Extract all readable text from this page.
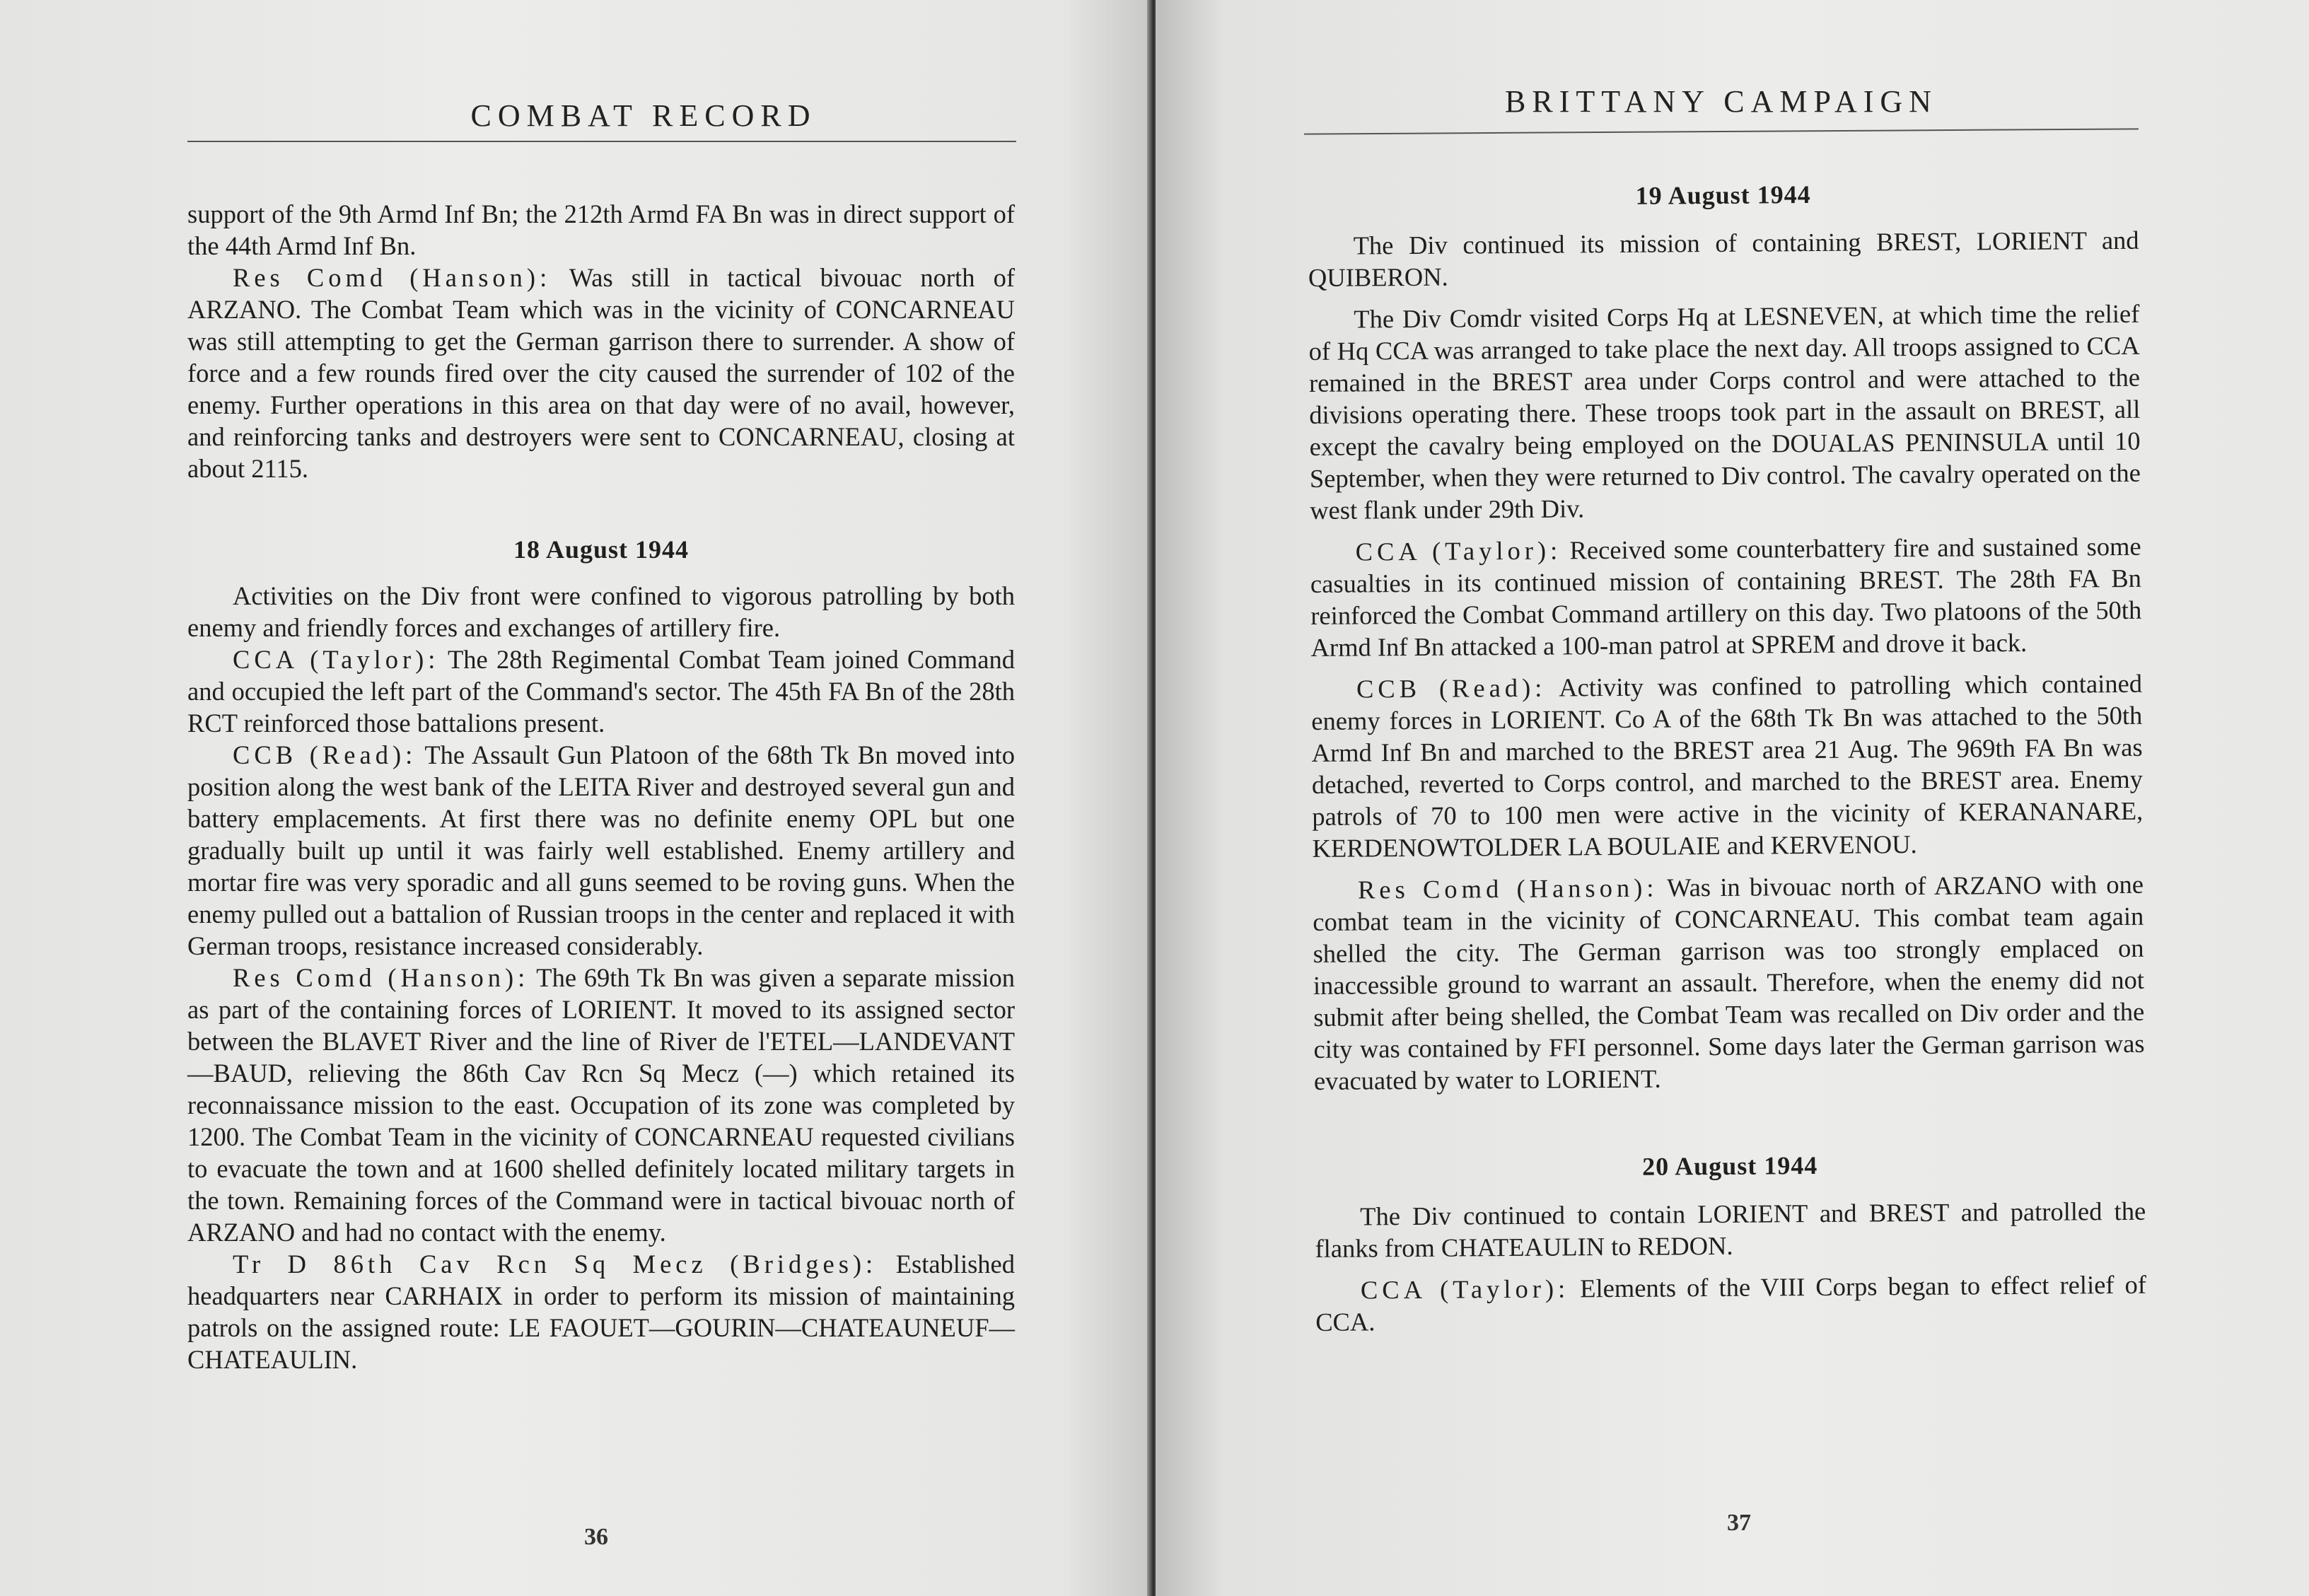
COMBAT RECORD

support of the 9th Armd Inf Bn; the 212th Armd FA Bn was in direct support of the 44th Armd Inf Bn.

Res Comd (Hanson): Was still in tactical bivouac north of ARZANO. The Combat Team which was in the vicinity of CONCARNEAU was still attempting to get the German garrison there to surrender. A show of force and a few rounds fired over the city caused the surrender of 102 of the enemy. Further operations in this area on that day were of no avail, however, and reinforcing tanks and destroyers were sent to CONCARNEAU, closing at about 2115.

18 August 1944

Activities on the Div front were confined to vigorous patrolling by both enemy and friendly forces and exchanges of artillery fire.

CCA (Taylor): The 28th Regimental Combat Team joined Command and occupied the left part of the Command's sector. The 45th FA Bn of the 28th RCT reinforced those battalions present.

CCB (Read): The Assault Gun Platoon of the 68th Tk Bn moved into position along the west bank of the LEITA River and destroyed several gun and battery emplacements. At first there was no definite enemy OPL but one gradually built up until it was fairly well established. Enemy artillery and mortar fire was very sporadic and all guns seemed to be roving guns. When the enemy pulled out a battalion of Russian troops in the center and replaced it with German troops, resistance increased considerably.

Res Comd (Hanson): The 69th Tk Bn was given a separate mission as part of the containing forces of LORIENT. It moved to its assigned sector between the BLAVET River and the line of River de l'ETEL—LANDEVANT—BAUD, relieving the 86th Cav Rcn Sq Mecz (—) which retained its reconnaissance mission to the east. Occupation of its zone was completed by 1200. The Combat Team in the vicinity of CONCARNEAU requested civilians to evacuate the town and at 1600 shelled definitely located military targets in the town. Remaining forces of the Command were in tactical bivouac north of ARZANO and had no contact with the enemy.

Tr D 86th Cav Rcn Sq Mecz (Bridges): Established headquarters near CARHAIX in order to perform its mission of maintaining patrols on the assigned route: LE FAOUET—GOURIN—CHATEAUNEUF—CHATEAULIN.

36
BRITTANY CAMPAIGN

19 August 1944

The Div continued its mission of containing BREST, LORIENT and QUIBERON.

The Div Comdr visited Corps Hq at LESNEVEN, at which time the relief of Hq CCA was arranged to take place the next day. All troops assigned to CCA remained in the BREST area under Corps control and were attached to the divisions operating there. These troops took part in the assault on BREST, all except the cavalry being employed on the DOUALAS PENINSULA until 10 September, when they were returned to Div control. The cavalry operated on the west flank under 29th Div.

CCA (Taylor): Received some counterbattery fire and sustained some casualties in its continued mission of containing BREST. The 28th FA Bn reinforced the Combat Command artillery on this day. Two platoons of the 50th Armd Inf Bn attacked a 100-man patrol at SPREM and drove it back.

CCB (Read): Activity was confined to patrolling which contained enemy forces in LORIENT. Co A of the 68th Tk Bn was attached to the 50th Armd Inf Bn and marched to the BREST area 21 Aug. The 969th FA Bn was detached, reverted to Corps control, and marched to the BREST area. Enemy patrols of 70 to 100 men were active in the vicinity of KERANANARE, KERDENOWTOLDER LA BOULAIE and KERVENOU.

Res Comd (Hanson): Was in bivouac north of ARZANO with one combat team in the vicinity of CONCARNEAU. This combat team again shelled the city. The German garrison was too strongly emplaced on inaccessible ground to warrant an assault. Therefore, when the enemy did not submit after being shelled, the Combat Team was recalled on Div order and the city was contained by FFI personnel. Some days later the German garrison was evacuated by water to LORIENT.

20 August 1944

The Div continued to contain LORIENT and BREST and patrolled the flanks from CHATEAULIN to REDON.

CCA (Taylor): Elements of the VIII Corps began to effect relief of CCA.

37
